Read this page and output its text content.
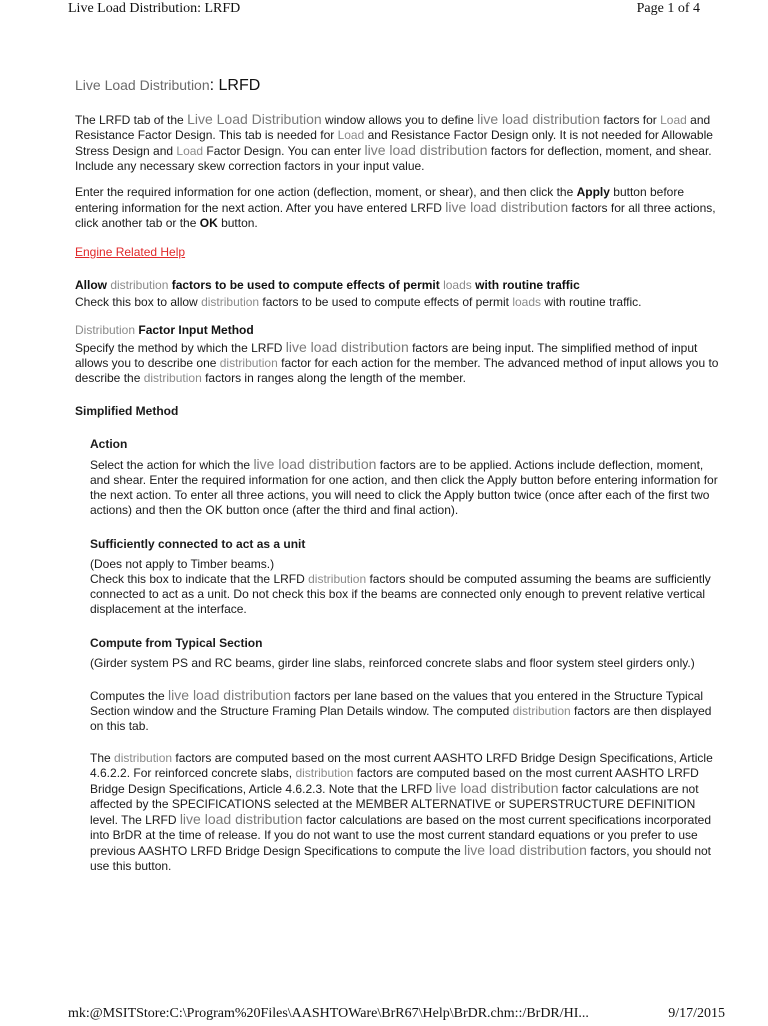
Live Load Distribution: LRFD	Page 1 of 4
Live Load Distribution: LRFD

The LRFD tab of the Live Load Distribution window allows you to define live load distribution factors for Load and Resistance Factor Design. This tab is needed for Load and Resistance Factor Design only. It is not needed for Allowable Stress Design and Load Factor Design. You can enter live load distribution factors for deflection, moment, and shear. Include any necessary skew correction factors in your input value.

Enter the required information for one action (deflection, moment, or shear), and then click the Apply button before entering information for the next action. After you have entered LRFD live load distribution factors for all three actions, click another tab or the OK button.

Engine Related Help

Allow distribution factors to be used to compute effects of permit loads with routine traffic

Check this box to allow distribution factors to be used to compute effects of permit loads with routine traffic.

Distribution Factor Input Method

Specify the method by which the LRFD live load distribution factors are being input. The simplified method of input allows you to describe one distribution factor for each action for the member. The advanced method of input allows you to describe the distribution factors in ranges along the length of the member.

Simplified Method

Action

Select the action for which the live load distribution factors are to be applied. Actions include deflection, moment, and shear. Enter the required information for one action, and then click the Apply button before entering information for the next action. To enter all three actions, you will need to click the Apply button twice (once after each of the first two actions) and then the OK button once (after the third and final action).

Sufficiently connected to act as a unit

(Does not apply to Timber beams.)

Check this box to indicate that the LRFD distribution factors should be computed assuming the beams are sufficiently connected to act as a unit. Do not check this box if the beams are connected only enough to prevent relative vertical displacement at the interface.

Compute from Typical Section

(Girder system PS and RC beams, girder line slabs, reinforced concrete slabs and floor system steel girders only.)

Computes the live load distribution factors per lane based on the values that you entered in the Structure Typical Section window and the Structure Framing Plan Details window. The computed distribution factors are then displayed on this tab.

The distribution factors are computed based on the most current AASHTO LRFD Bridge Design Specifications, Article 4.6.2.2. For reinforced concrete slabs, distribution factors are computed based on the most current AASHTO LRFD Bridge Design Specifications, Article 4.6.2.3. Note that the LRFD live load distribution factor calculations are not affected by the SPECIFICATIONS selected at the MEMBER ALTERNATIVE or SUPERSTRUCTURE DEFINITION level. The LRFD live load distribution factor calculations are based on the most current specifications incorporated into BrDR at the time of release. If you do not want to use the most current standard equations or you prefer to use previous AASHTO LRFD Bridge Design Specifications to compute the live load distribution factors, you should not use this button.

mk:@MSITStore:C:\Program%20Files\AASHTOWare\BrR67\Help\BrDR.chm::/BrDR/HI...	9/17/2015
